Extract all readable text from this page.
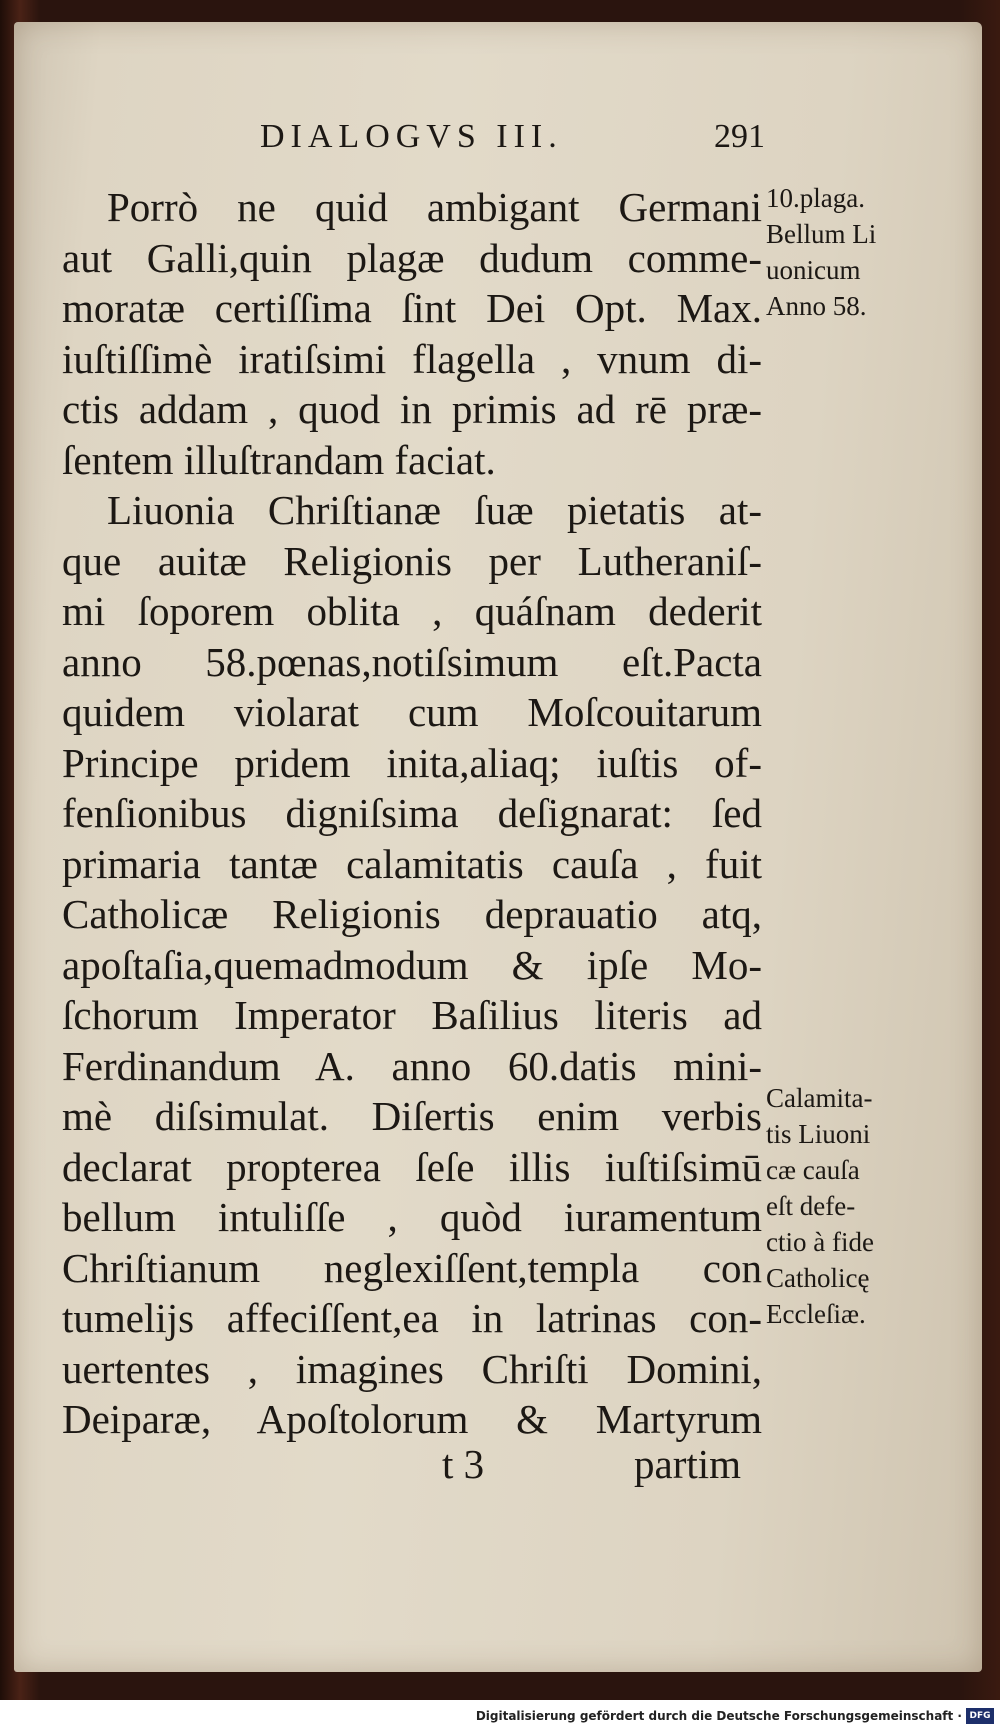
DIALOGVS III.	291
Porrò ne quid ambigant Germani
aut Galli,quin plagæ dudum comme-
moratæ certiſſima ſint Dei Opt. Max.
iuſtiſſimè iratiſsimi flagella , vnum di-
ctis addam , quod in primis ad rē præ-
ſentem illuſtrandam faciat.
Liuonia Chriſtianæ ſuæ pietatis at-
que auitæ Religionis per Lutheraniſ-
mi ſoporem oblita , quáſnam dederit
anno 58.pœnas,notiſsimum eſt.Pacta
quidem violarat cum Moſcouitarum
Principe pridem inita,aliaq; iuſtis of-
fenſionibus digniſsima deſignarat: ſed
primaria tantæ calamitatis cauſa , fuit
Catholicæ Religionis deprauatio atq,
apoſtaſia,quemadmodum & ipſe Mo-
ſchorum Imperator Baſilius literis ad
Ferdinandum A. anno 60.datis mini-
mè diſsimulat. Diſertis enim verbis
declarat propterea ſeſe illis iuſtiſsimū
bellum intuliſſe , quòd iuramentum
Chriſtianum neglexiſſent,templa con
tumelijs affeciſſent,ea in latrinas con-
uertentes , imagines Chriſti Domini,
Deiparæ, Apoſtolorum & Martyrum
10.plaga.
Bellum Li
uonicum
Anno 58.
Calamita-
tis Liuoni
cæ cauſa
eſt defe-
ctio à fide
Catholicę
Eccleſiæ.
t 3	partim
Digitalisierung gefördert durch die Deutsche Forschungsgemeinschaft · DFG
